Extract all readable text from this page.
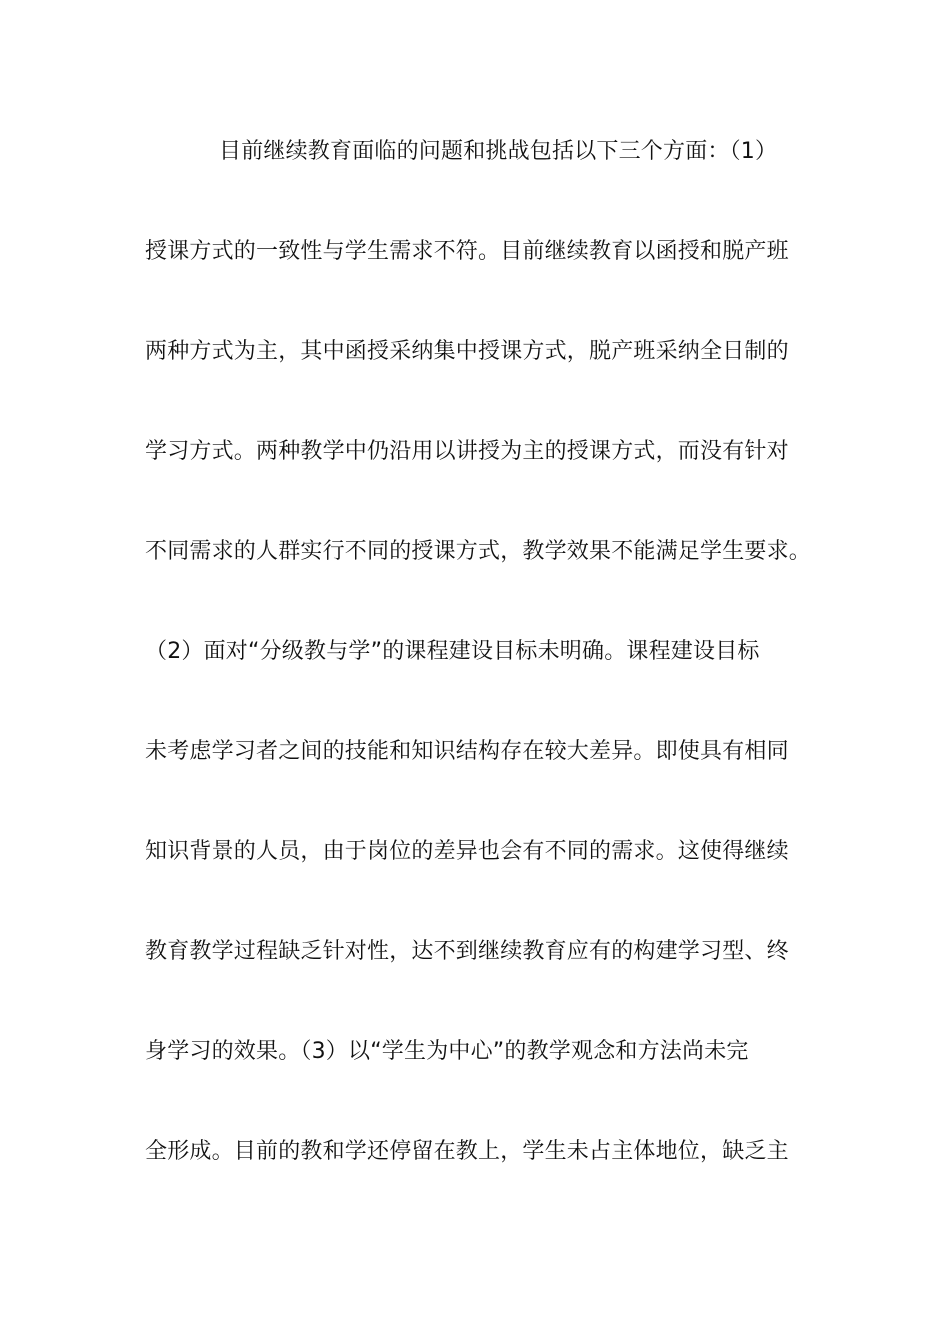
目前继续教育面临的问题和挑战包括以下三个方面：（1）
授课方式的一致性与学生需求不符。目前继续教育以函授和脱产班
两种方式为主，其中函授采纳集中授课方式，脱产班采纳全日制的
学习方式。两种教学中仍沿用以讲授为主的授课方式，而没有针对
不同需求的人群实行不同的授课方式，教学效果不能满足学生要求。
（2）面对“分级教与学”的课程建设目标未明确。课程建设目标
未考虑学习者之间的技能和知识结构存在较大差异。即使具有相同
知识背景的人员，由于岗位的差异也会有不同的需求。这使得继续
教育教学过程缺乏针对性，达不到继续教育应有的构建学习型、终
身学习的效果。（3）以“学生为中心”的教学观念和方法尚未完
全形成。目前的教和学还停留在教上，学生未占主体地位，缺乏主
